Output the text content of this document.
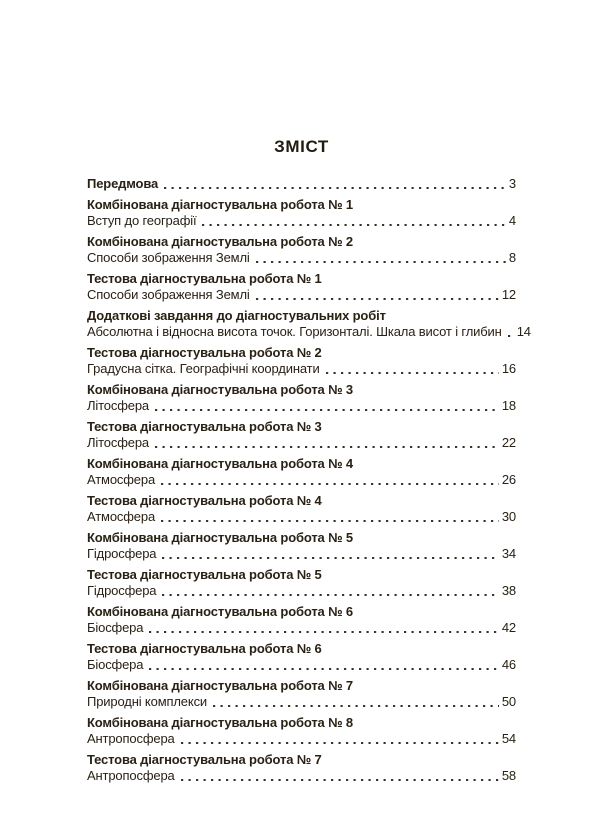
ЗМІСТ
Передмова	3
Комбінована діагностувальна робота № 1
Вступ до географії	4
Комбінована діагностувальна робота № 2
Способи зображення Землі	8
Тестова діагностувальна робота № 1
Способи зображення Землі	12
Додаткові завдання до діагностувальних робіт
Абсолютна і відносна висота точок. Горизонталі. Шкала висот і глибин 14
Тестова діагностувальна робота № 2
Градусна сітка. Географічні координати	16
Комбінована діагностувальна робота № 3
Літосфера	18
Тестова діагностувальна робота № 3
Літосфера	22
Комбінована діагностувальна робота № 4
Атмосфера	26
Тестова діагностувальна робота № 4
Атмосфера	30
Комбінована діагностувальна робота № 5
Гідросфера	34
Тестова діагностувальна робота № 5
Гідросфера	38
Комбінована діагностувальна робота № 6
Біосфера	42
Тестова діагностувальна робота № 6
Біосфера	46
Комбінована діагностувальна робота № 7
Природні комплекси	50
Комбінована діагностувальна робота № 8
Антропосфера	54
Тестова діагностувальна робота № 7
Антропосфера	58
